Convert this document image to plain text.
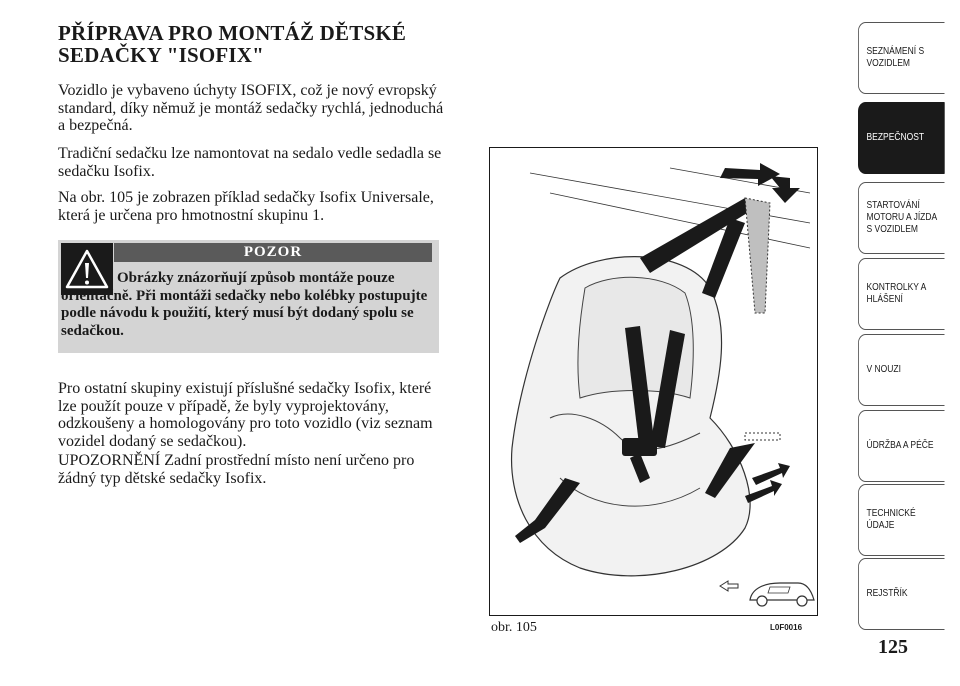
PŘÍPRAVA PRO MONTÁŽ DĚTSKÉ
SEDAČKY "ISOFIX"

Vozidlo je vybaveno úchyty ISOFIX, což je nový evropský standard, díky němuž je montáž sedačky rychlá, jednoduchá a bezpečná.

Tradiční sedačku lze namontovat na sedalo vedle sedadla se sedačku Isofix.

Na obr. 105 je zobrazen příklad sedačky Isofix Universale, která je určena pro hmotnostní skupinu 1.

POZOR

Obrázky znázorňují způsob montáže pouze orientačně. Při montáži sedačky nebo kolébky postupujte podle návodu k použití, který musí být dodaný spolu se sedačkou.

Pro ostatní skupiny existují příslušné sedačky Isofix, které lze použít pouze v případě, že byly vyprojektovány, odzkoušeny a homologovány pro toto vozidlo (viz seznam vozidel dodaný se sedačkou).

UPOZORNĚNÍ Zadní prostřední místo není určeno pro žádný typ dětské sedačky Isofix.

obr. 105	L0F0016

SEZNÁMENÍ S
VOZIDLEM
BEZPEČNOST
STARTOVÁNÍ
MOTORU A JÍZDA
S VOZIDLEM
KONTROLKY A
HLÁŠENÍ
V NOUZI
ÚDRŽBA A PÉČE
TECHNICKÉ
ÚDAJE
REJSTŘÍK

125
